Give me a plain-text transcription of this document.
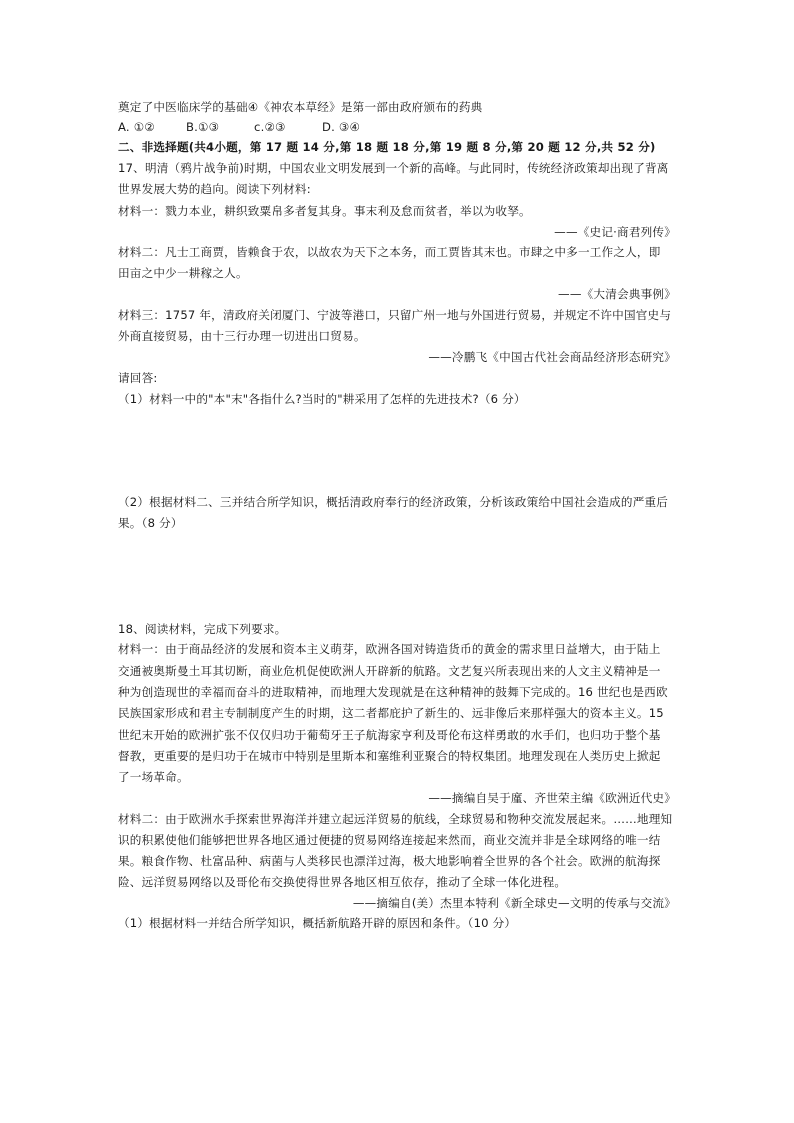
奠定了中医临床学的基础④《神农本草经》是第一部由政府颁布的药典
A. ①②	B.①③	c.②③	D. ③④
二、非选择题(共4小题，第 17 题 14 分,第 18 题 18 分,第 19 题 8 分,第 20 题 12 分,共 52 分)
17、明清（鸦片战争前)时期，中国农业文明发展到一个新的高峰。与此同时，传统经济政策却出现了背离
世界发展大势的趋向。阅读下列材料:
材料一：戮力本业，耕织致粟帛多者复其身。事末利及怠而贫者，举以为收孥。
——《史记·商君列传》
材料二：凡士工商贾，皆赖食于农，以故农为天下之本务，而工贾皆其末也。市肆之中多一工作之人，即
田亩之中少一耕稼之人。
——《大清会典事例》
材料三：1757 年，清政府关闭厦门、宁波等港口，只留广州一地与外国进行贸易，并规定不许中国官史与
外商直接贸易，由十三行办理一切进出口贸易。
——冷鹏飞《中国古代社会商品经济形态研究》
请回答:
（1）材料一中的"本"末"各指什么?当时的"耕采用了怎样的先进技术?（6 分）
（2）根据材料二、三并结合所学知识，概括清政府奉行的经济政策，分析该政策给中国社会造成的严重后
果。（8 分）
18、阅读材料，完成下列要求。
材料一：由于商品经济的发展和资本主义萌芽，欧洲各国对铸造货币的黄金的需求里日益增大，由于陆上
交通被奥斯曼土耳其切断，商业危机促使欧洲人开辟新的航路。文艺复兴所表现出来的人文主义精神是一
种为创造现世的幸福而奋斗的进取精神，而地理大发现就是在这种精神的鼓舞下完成的。16 世纪也是西欧
民族国家形成和君主专制制度产生的时期，这二者都庇护了新生的、远非像后来那样强大的资本主义。15
世纪末开始的欧洲扩张不仅仅归功于葡萄牙王子航海家亨利及哥伦布这样勇敢的水手们，也归功于整个基
督教，更重要的是归功于在城市中特别是里斯本和塞维利亚聚合的特权集团。地理发现在人类历史上掀起
了一场革命。
——摘编自吴于廑、齐世荣主编《欧洲近代史》
材料二：由于欧洲水手探索世界海洋并建立起远洋贸易的航线，全球贸易和物种交流发展起来。……地理知
识的积累使他们能够把世界各地区通过便捷的贸易网络连接起来然而，商业交流并非是全球网络的唯一结
果。粮食作物、杜富品种、病菌与人类移民也漂洋过海，极大地影响着全世界的各个社会。欧洲的航海探
险、远洋贸易网络以及哥伦布交换使得世界各地区相互依存，推动了全球一体化进程。
——摘编自(美）杰里本特利《新全球史—文明的传承与交流》
（1）根据材料一并结合所学知识，概括新航路开辟的原因和条件。（10 分）
